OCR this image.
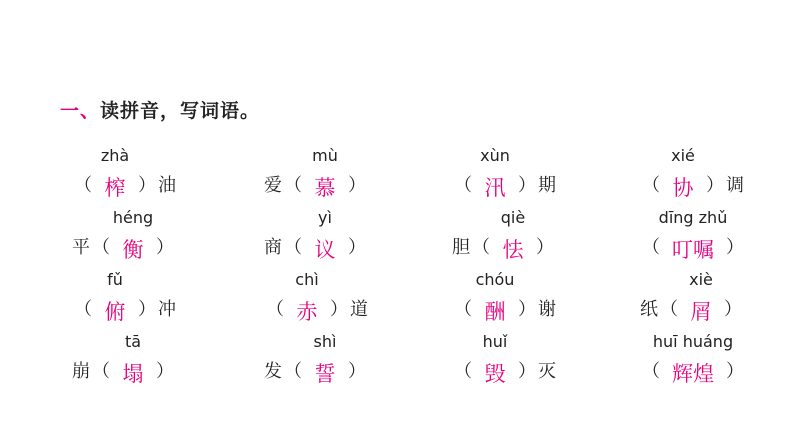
一、读拼音，写词语。
（ 榨 ） 油
zhà
爱 （ 慕 ）
mù
（ 汛 ） 期
xùn
（ 协 ） 调
xié
平 （ 衡 ）
héng
商 （ 议 ）
yì
胆 （ 怯 ）
qiè
（ 叮嘱 ）
dīng zhǔ
（ 俯 ） 冲
fǔ
（ 赤 ） 道
chì
（ 酬 ） 谢
chóu
纸 （ 屑 ）
xiè
崩 （ 塌 ）
tā
发 （ 誓 ）
shì
（ 毁 ） 灭
huǐ
（ 辉煌 ）
huī huáng
